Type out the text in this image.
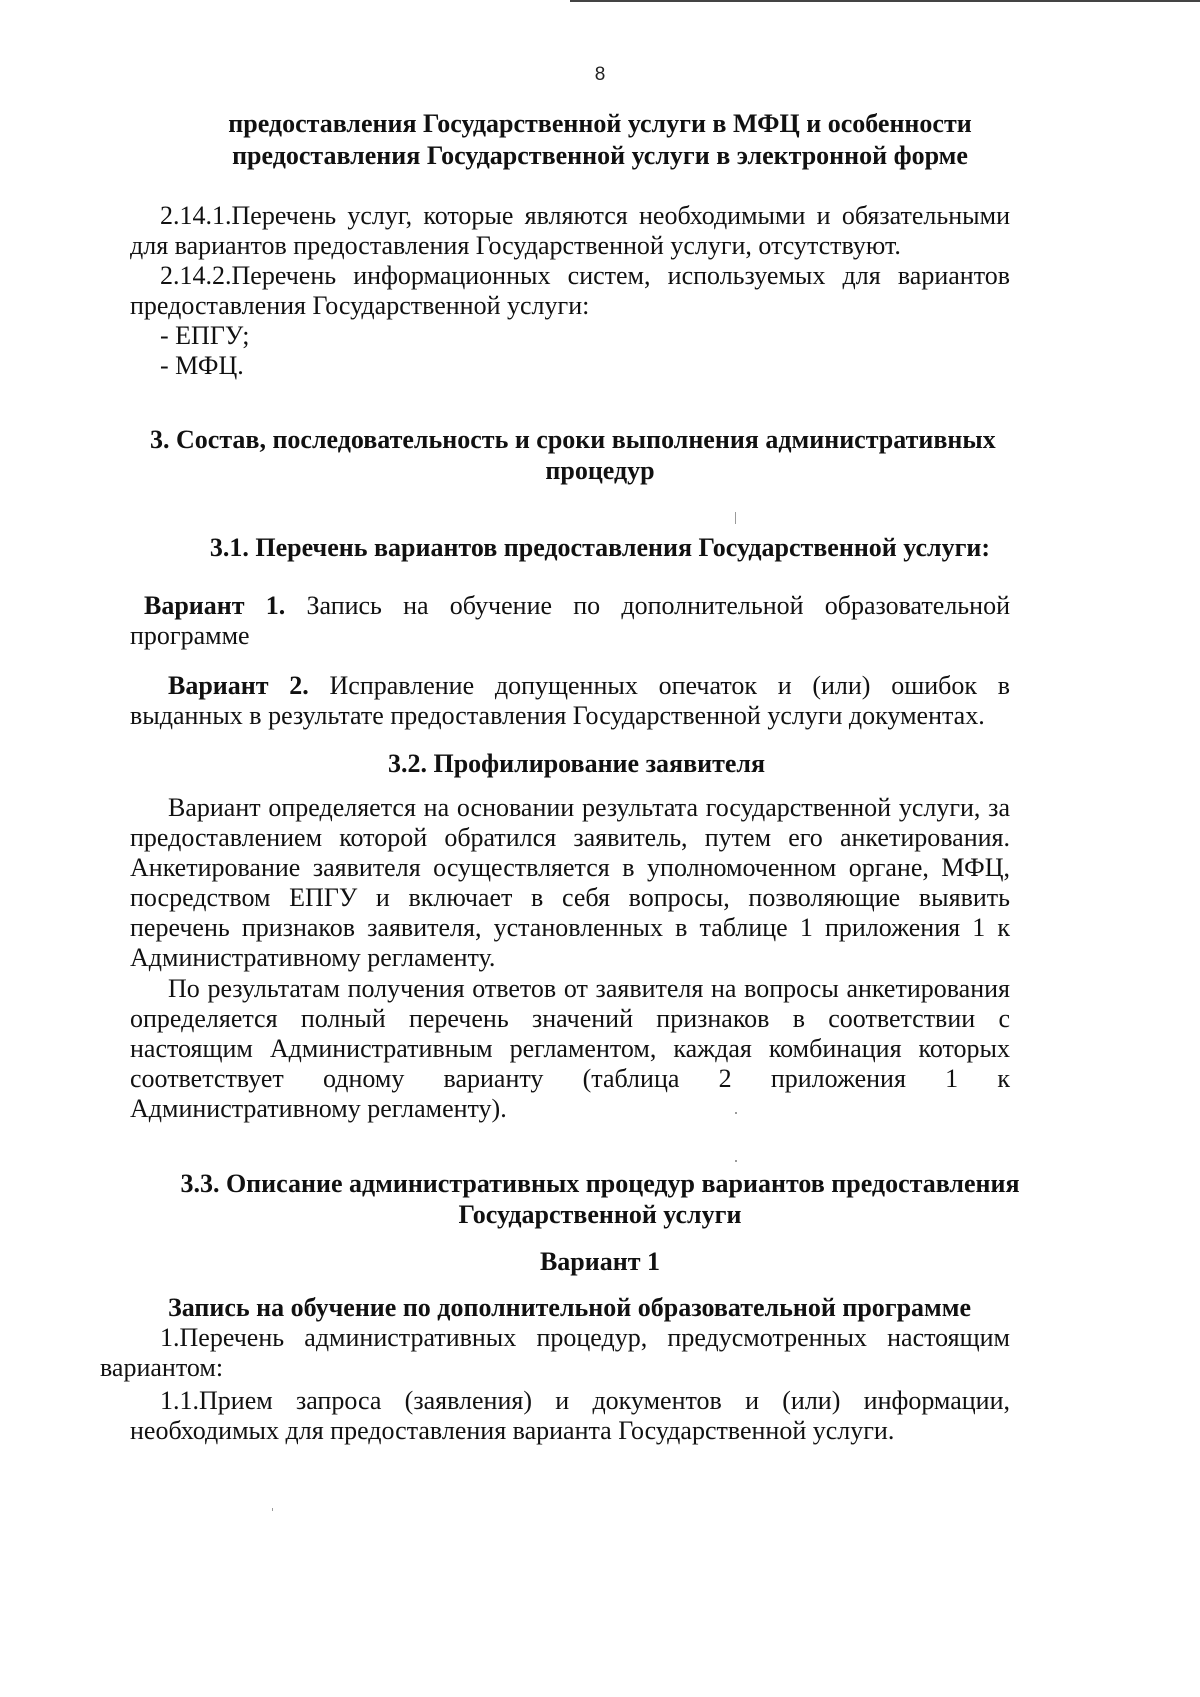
8
предоставления Государственной услуги в МФЦ и особенности
предоставления Государственной услуги в электронной форме
2.14.1.Перечень услуг, которые являются необходимыми и обязательными
для вариантов предоставления Государственной услуги, отсутствуют.
2.14.2.Перечень информационных систем, используемых для вариантов
предоставления Государственной услуги:
- ЕПГУ;
- МФЦ.
3. Состав, последовательность и сроки выполнения административных
процедур
3.1. Перечень вариантов предоставления Государственной услуги:
Вариант 1. Запись на обучение по дополнительной образовательной
программе
Вариант 2. Исправление допущенных опечаток и (или) ошибок в
выданных в результате предоставления Государственной услуги документах.
3.2. Профилирование заявителя
Вариант определяется на основании результата государственной услуги, за
предоставлением которой обратился заявитель, путем его анкетирования.
Анкетирование заявителя осуществляется в уполномоченном органе, МФЦ,
посредством ЕПГУ и включает в себя вопросы, позволяющие выявить
перечень признаков заявителя, установленных в таблице 1 приложения 1 к
Административному регламенту.
По результатам получения ответов от заявителя на вопросы анкетирования
определяется полный перечень значений признаков в соответствии с
настоящим Административным регламентом, каждая комбинация которых
соответствует одному варианту (таблица 2 приложения 1 к
Административному регламенту).
3.3. Описание административных процедур вариантов предоставления
Государственной услуги
Вариант 1
Запись на обучение по дополнительной образовательной программе
1.Перечень административных процедур, предусмотренных настоящим
вариантом:
1.1.Прием запроса (заявления) и документов и (или) информации,
необходимых для предоставления варианта Государственной услуги.
